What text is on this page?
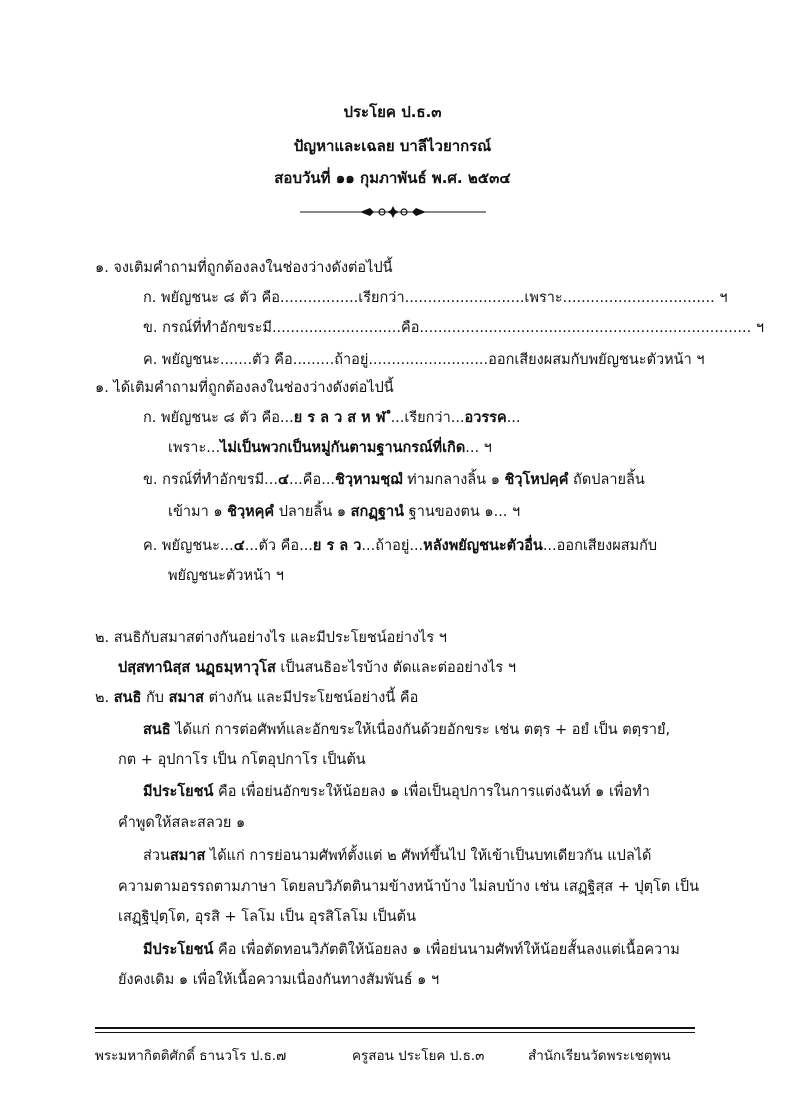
ประโยค ป.ธ.๓
ปัญหาและเฉลย บาลีไวยากรณ์
สอบวันที่ ๑๑ กุมภาพันธ์ พ.ศ. ๒๕๓๔
๑. จงเติมคำถามที่ถูกต้องลงในช่องว่างดังต่อไปนี้
ก. พยัญชนะ ๘ ตัว คือ.................เรียกว่า..........................เพราะ................................. ฯ
ข. กรณ์ที่ทำอักขระมี............................คือ........................................................................ ฯ
ค. พยัญชนะ.......ตัว คือ.........ถ้าอยู่..........................ออกเสียงผสมกับพยัญชนะตัวหน้า ฯ
๑. ได้เติมคำถามที่ถูกต้องลงในช่องว่างดังต่อไปนี้
ก. พยัญชนะ ๘ ตัว คือ...ย ร ล ว ส ห ฬ ํ...เรียกว่า...อวรรค...
เพราะ...ไม่เป็นพวกเป็นหมู่กันตามฐานกรณ์ที่เกิด... ฯ
ข. กรณ์ที่ทำอักขรมี...๔...คือ...ชิวฺหามชฺฌํ ท่ามกลางลิ้น ๑ ชิวฺโหปคฺคํ ถัดปลายลิ้น
เข้ามา ๑ ชิวฺหคฺคํ ปลายลิ้น ๑ สกฏฺฐานํ ฐานของตน ๑... ฯ
ค. พยัญชนะ...๔...ตัว คือ...ย ร ล ว...ถ้าอยู่...หลังพยัญชนะตัวอื่น...ออกเสียงผสมกับ
พยัญชนะตัวหน้า ฯ
๒. สนธิกับสมาสต่างกันอย่างไร และมีประโยชน์อย่างไร ฯ
ปสฺสทานิสฺส นฏฺธมฺหาวุโส เป็นสนธิอะไรบ้าง ตัดและต่ออย่างไร ฯ
๒. สนธิ กับ สมาส ต่างกัน และมีประโยชน์อย่างนี้ คือ
สนธิ ได้แก่ การต่อศัพท์และอักขระให้เนื่องกันด้วยอักขระ เช่น ตตฺร + อยํ เป็น ตตฺรายํ,
กต + อุปกาโร เป็น กโตอุปกาโร เป็นต้น
มีประโยชน์ คือ เพื่อย่นอักขระให้น้อยลง ๑ เพื่อเป็นอุปการในการแต่งฉันท์ ๑ เพื่อทำ
คำพูดให้สละสลวย ๑
ส่วนสมาส ได้แก่ การย่อนามศัพท์ตั้งแต่ ๒ ศัพท์ขึ้นไป ให้เข้าเป็นบทเดียวกัน แปลได้
ความตามอรรถตามภาษา โดยลบวิภัตตินามข้างหน้าบ้าง ไม่ลบบ้าง เช่น เสฏฺฐิสฺส + ปุตฺโต เป็น
เสฏฺฐิปุตฺโต, อุรสิ + โลโม เป็น อุรสิโลโม เป็นต้น
มีประโยชน์ คือ เพื่อตัดทอนวิภัตติให้น้อยลง ๑ เพื่อย่นนามศัพท์ให้น้อยสั้นลงแต่เนื้อความ
ยังคงเดิม ๑ เพื่อให้เนื้อความเนื่องกันทางสัมพันธ์ ๑ ฯ
พระมหากิตติศักดิ์ ธานวโร ป.ธ.๗	ครูสอน ประโยค ป.ธ.๓	สำนักเรียนวัดพระเชตุพน
